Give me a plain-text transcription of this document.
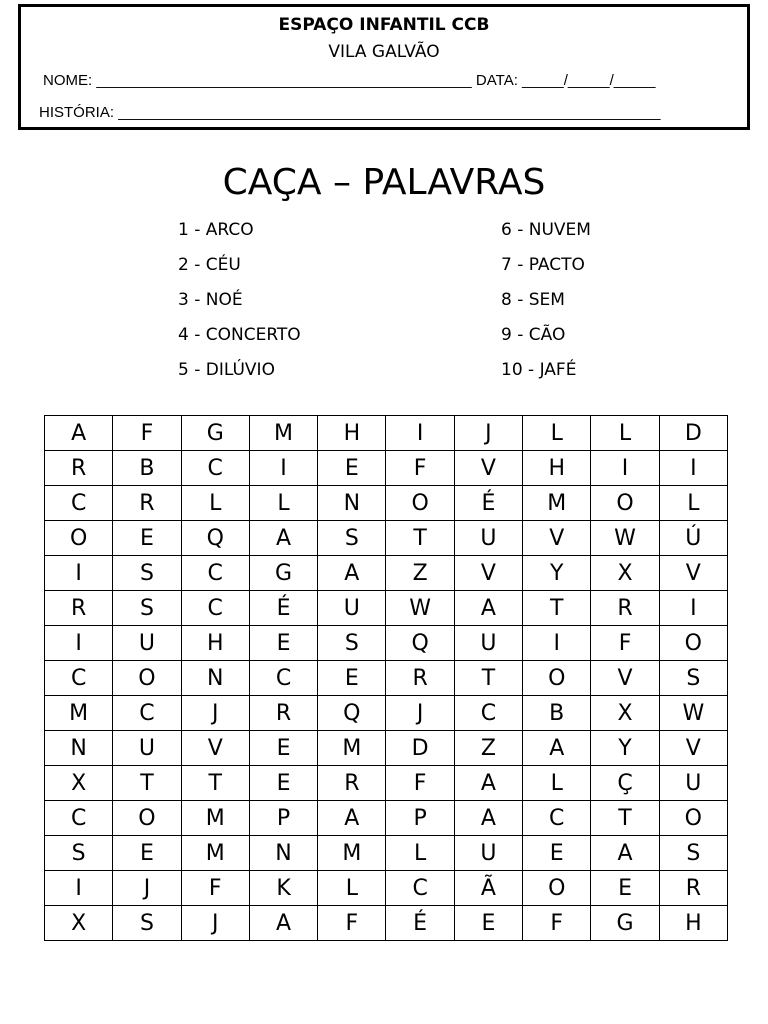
ESPAÇO INFANTIL CCB
VILA GALVÃO
NOME: _____________________________________________ DATA: _____/_____/_____
HISTÓRIA: _________________________________________________________________
CAÇA – PALAVRAS
1 - ARCO
2 - CÉU
3 - NOÉ
4 - CONCERTO
5 - DILÚVIO
6 - NUVEM
7 - PACTO
8 - SEM
9 - CÃO
10 - JAFÉ
A	F	G	M	H	I	J	L	L	D
R	B	C	I	E	F	V	H	I	I
C	R	L	L	N	O	É	M	O	L
O	E	Q	A	S	T	U	V	W	Ú
I	S	C	G	A	Z	V	Y	X	V
R	S	C	É	U	W	A	T	R	I
I	U	H	E	S	Q	U	I	F	O
C	O	N	C	E	R	T	O	V	S
M	C	J	R	Q	J	C	B	X	W
N	U	V	E	M	D	Z	A	Y	V
X	T	T	E	R	F	A	L	Ç	U
C	O	M	P	A	P	A	C	T	O
S	E	M	N	M	L	U	E	A	S
I	J	F	K	L	C	Ã	O	E	R
X	S	J	A	F	É	E	F	G	H
